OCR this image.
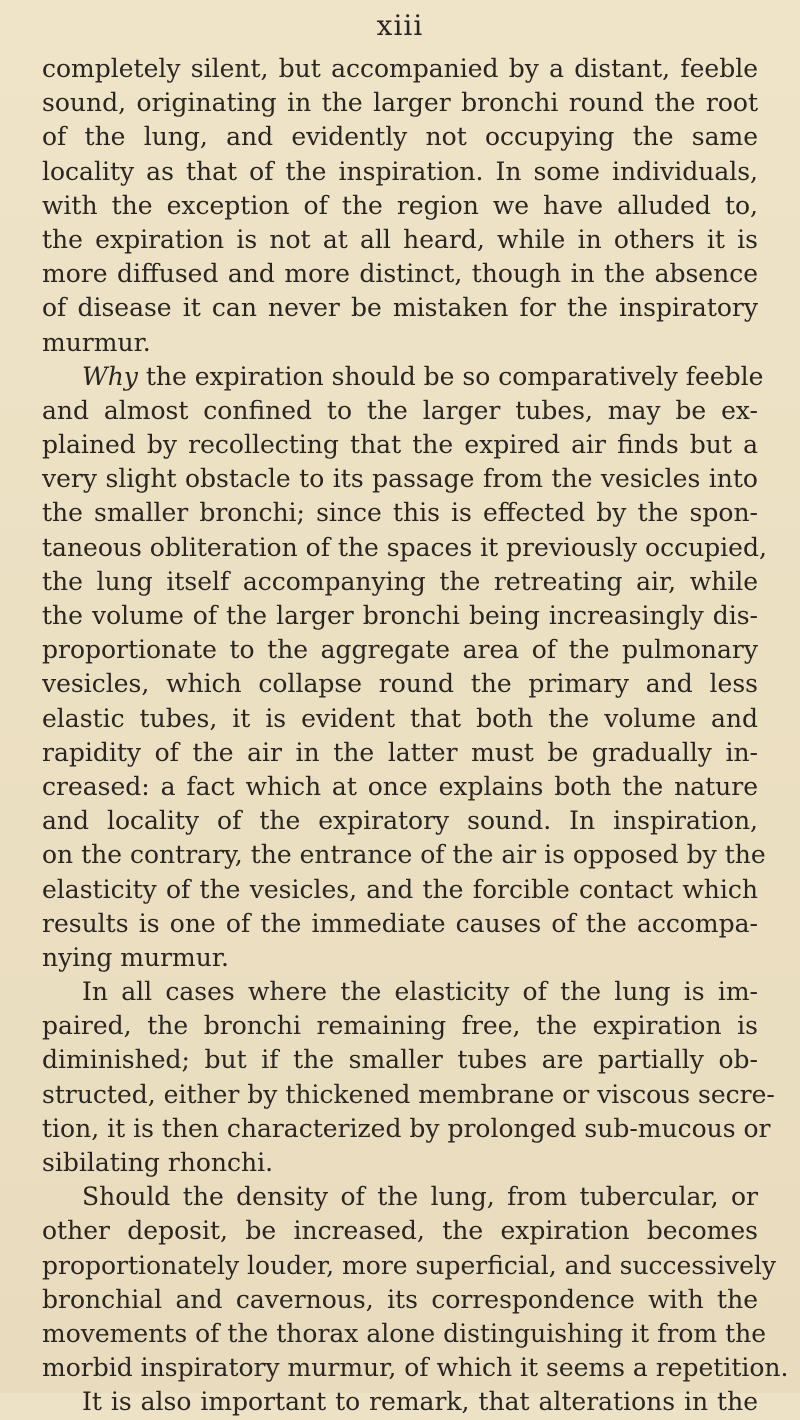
xiii
completely silent, but accompanied by a distant, feeble
sound, originating in the larger bronchi round the root
of the lung, and evidently not occupying the same
locality as that of the inspiration. In some individuals,
with the exception of the region we have alluded to,
the expiration is not at all heard, while in others it is
more diffused and more distinct, though in the absence
of disease it can never be mistaken for the inspiratory
murmur.
Why the expiration should be so comparatively feeble
and almost confined to the larger tubes, may be ex-
plained by recollecting that the expired air finds but a
very slight obstacle to its passage from the vesicles into
the smaller bronchi; since this is effected by the spon-
taneous obliteration of the spaces it previously occupied,
the lung itself accompanying the retreating air, while
the volume of the larger bronchi being increasingly dis-
proportionate to the aggregate area of the pulmonary
vesicles, which collapse round the primary and less
elastic tubes, it is evident that both the volume and
rapidity of the air in the latter must be gradually in-
creased: a fact which at once explains both the nature
and locality of the expiratory sound. In inspiration,
on the contrary, the entrance of the air is opposed by the
elasticity of the vesicles, and the forcible contact which
results is one of the immediate causes of the accompa-
nying murmur.
In all cases where the elasticity of the lung is im-
paired, the bronchi remaining free, the expiration is
diminished; but if the smaller tubes are partially ob-
structed, either by thickened membrane or viscous secre-
tion, it is then characterized by prolonged sub-mucous or
sibilating rhonchi.
Should the density of the lung, from tubercular, or
other deposit, be increased, the expiration becomes
proportionately louder, more superficial, and successively
bronchial and cavernous, its correspondence with the
movements of the thorax alone distinguishing it from the
morbid inspiratory murmur, of which it seems a repetition.
It is also important to remark, that alterations in the
